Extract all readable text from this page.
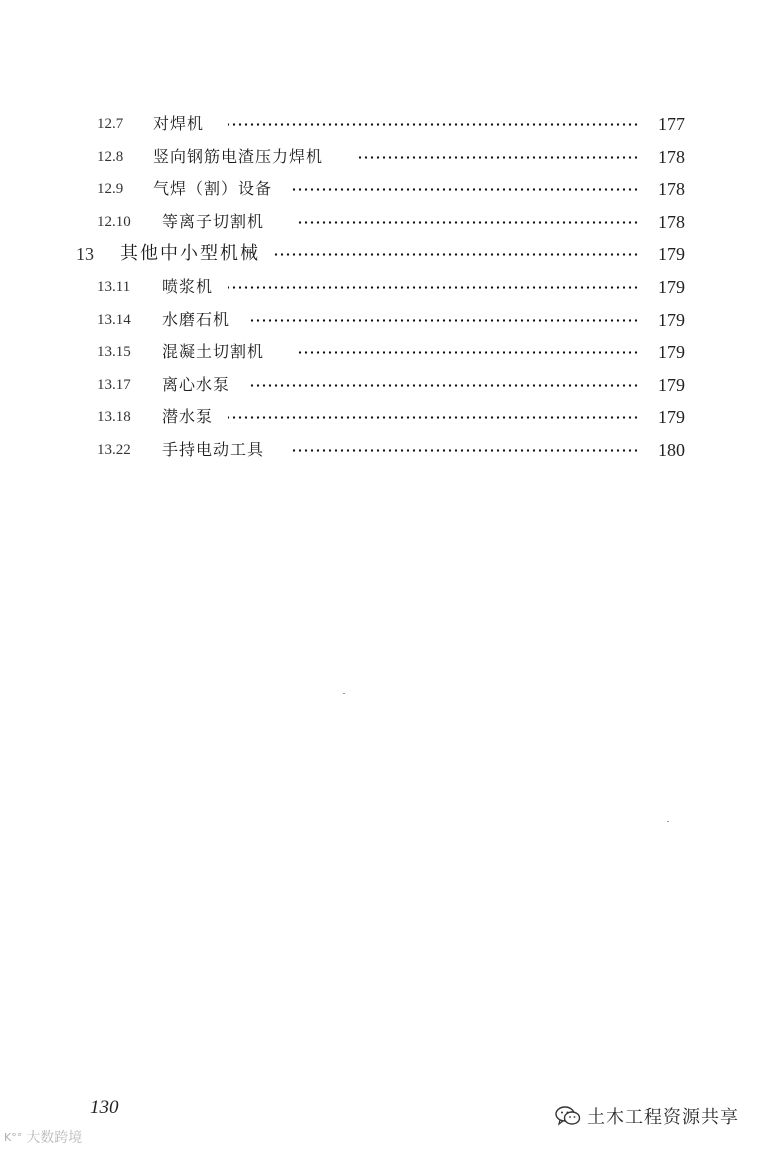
12.7 对焊机	177
12.8 竖向钢筋电渣压力焊机	178
12.9 气焊（割）设备	178
12.10 等离子切割机	178
13 其他中小型机械	179
13.11 喷浆机	179
13.14 水磨石机	179
13.15 混凝土切割机	179
13.17 离心水泵	179
13.18 潜水泵	179
13.22 手持电动工具	180
130
K°° 大数跨境
土木工程资源共享
